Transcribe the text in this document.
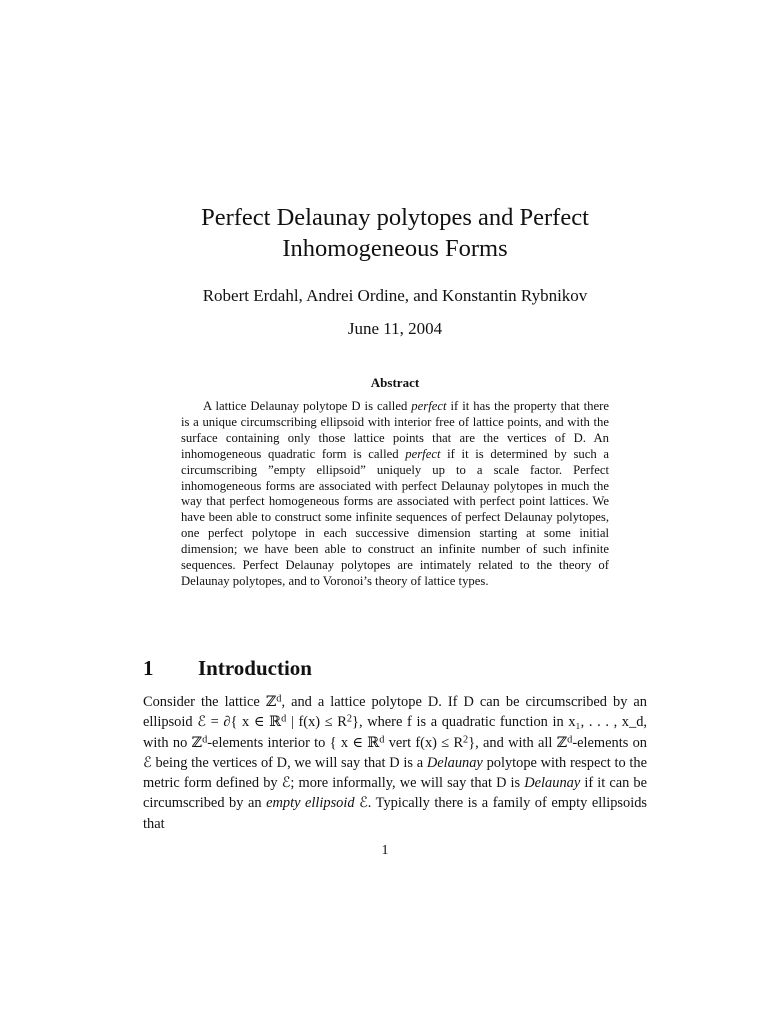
Perfect Delaunay polytopes and Perfect Inhomogeneous Forms
Robert Erdahl, Andrei Ordine, and Konstantin Rybnikov
June 11, 2004
Abstract

A lattice Delaunay polytope D is called perfect if it has the property that there is a unique circumscribing ellipsoid with interior free of lattice points, and with the surface containing only those lattice points that are the vertices of D. An inhomogeneous quadratic form is called perfect if it is determined by such a circumscribing ”empty ellipsoid” uniquely up to a scale factor. Perfect inhomogeneous forms are associated with perfect Delaunay polytopes in much the way that perfect homogeneous forms are associated with perfect point lattices. We have been able to construct some infinite sequences of perfect Delaunay polytopes, one perfect polytope in each successive dimension starting at some initial dimension; we have been able to construct an infinite number of such infinite sequences. Perfect Delaunay polytopes are intimately related to the theory of Delaunay polytopes, and to Voronoi’s theory of lattice types.

1 Introduction

Consider the lattice ℤ$^d$, and a lattice polytope D. If D can be circumscribed by an ellipsoid ℰ = ∂{ x ∈ ℝ$^d$ | $f(x) \le R^2$}, where f is a quadratic function in x₁, . . . , x_d, with no ℤ$^d$-elements interior to { x ∈ ℝ$^d$ vert $f(x) \le R^2$}, and with all ℤ$^d$-elements on ℰ being the vertices of D, we will say that D is a Delaunay polytope with respect to the metric form defined by ℰ; more informally, we will say that D is Delaunay if it can be circumscribed by an empty ellipsoid ℰ. Typically there is a family of empty ellipsoids that

1
